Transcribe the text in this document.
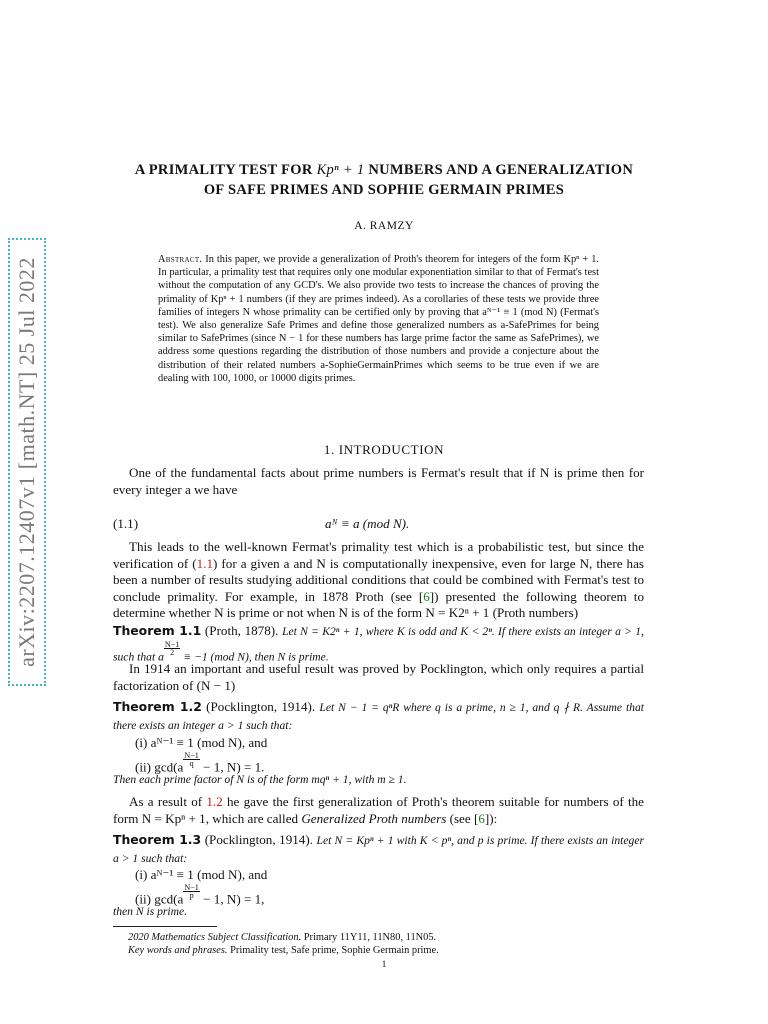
arXiv:2207.12407v1 [math.NT] 25 Jul 2022
A PRIMALITY TEST FOR Kpⁿ + 1 NUMBERS AND A GENERALIZATION
OF SAFE PRIMES AND SOPHIE GERMAIN PRIMES
A. RAMZY
Abstract. In this paper, we provide a generalization of Proth's theorem for integers of the form Kpⁿ + 1. In particular, a primality test that requires only one modular exponentiation similar to that of Fermat's test without the computation of any GCD's. We also provide two tests to increase the chances of proving the primality of Kpⁿ + 1 numbers (if they are primes indeed). As a corollaries of these tests we provide three families of integers N whose primality can be certified only by proving that aᴺ⁻¹ ≡ 1 (mod N) (Fermat's test). We also generalize Safe Primes and define those generalized numbers as a-SafePrimes for being similar to SafePrimes (since N − 1 for these numbers has large prime factor the same as SafePrimes), we address some questions regarding the distribution of those numbers and provide a conjecture about the distribution of their related numbers a-SophieGermainPrimes which seems to be true even if we are dealing with 100, 1000, or 10000 digits primes.
1. INTRODUCTION
One of the fundamental facts about prime numbers is Fermat's result that if N is prime then for every integer a we have
(1.1)	aᴺ ≡ a (mod N).
This leads to the well-known Fermat's primality test which is a probabilistic test, but since the verification of (1.1) for a given a and N is computationally inexpensive, even for large N, there has been a number of results studying additional conditions that could be combined with Fermat's test to conclude primality. For example, in 1878 Proth (see [6]) presented the following theorem to determine whether N is prime or not when N is of the form N = K2ⁿ + 1 (Proth numbers)
Theorem 1.1 (Proth, 1878). Let N = K2ⁿ + 1, where K is odd and K < 2ⁿ. If there exists an integer a > 1, such that a
$\frac{N-1}{2}$
≡ −1 (mod N), then N is prime.
In 1914 an important and useful result was proved by Pocklington, which only requires a partial factorization of (N − 1)
Theorem 1.2 (Pocklington, 1914). Let N − 1 = qⁿR where q is a prime, n ≥ 1, and q ∤ R. Assume that there exists an integer a > 1 such that:
(i) aᴺ⁻¹ ≡ 1 (mod N), and
(ii) $\gcd(a \frac{N-1}{q} - 1$, N) = 1.
Then each prime factor of N is of the form mqⁿ + 1, with m ≥ 1.
As a result of 1.2 he gave the first generalization of Proth's theorem suitable for numbers of the form N = Kpⁿ + 1, which are called Generalized Proth numbers (see [6]):
Theorem 1.3 (Pocklington, 1914). Let N = Kpⁿ + 1 with K < pⁿ, and p is prime. If there exists an integer a > 1 such that:
(i) aᴺ⁻¹ ≡ 1 (mod N), and
(ii) $\gcd(a \frac{N-1}{p} - 1$, N) = 1,
then N is prime.
2020 Mathematics Subject Classification. Primary 11Y11, 11N80, 11N05.
Key words and phrases. Primality test, Safe prime, Sophie Germain prime.
1
